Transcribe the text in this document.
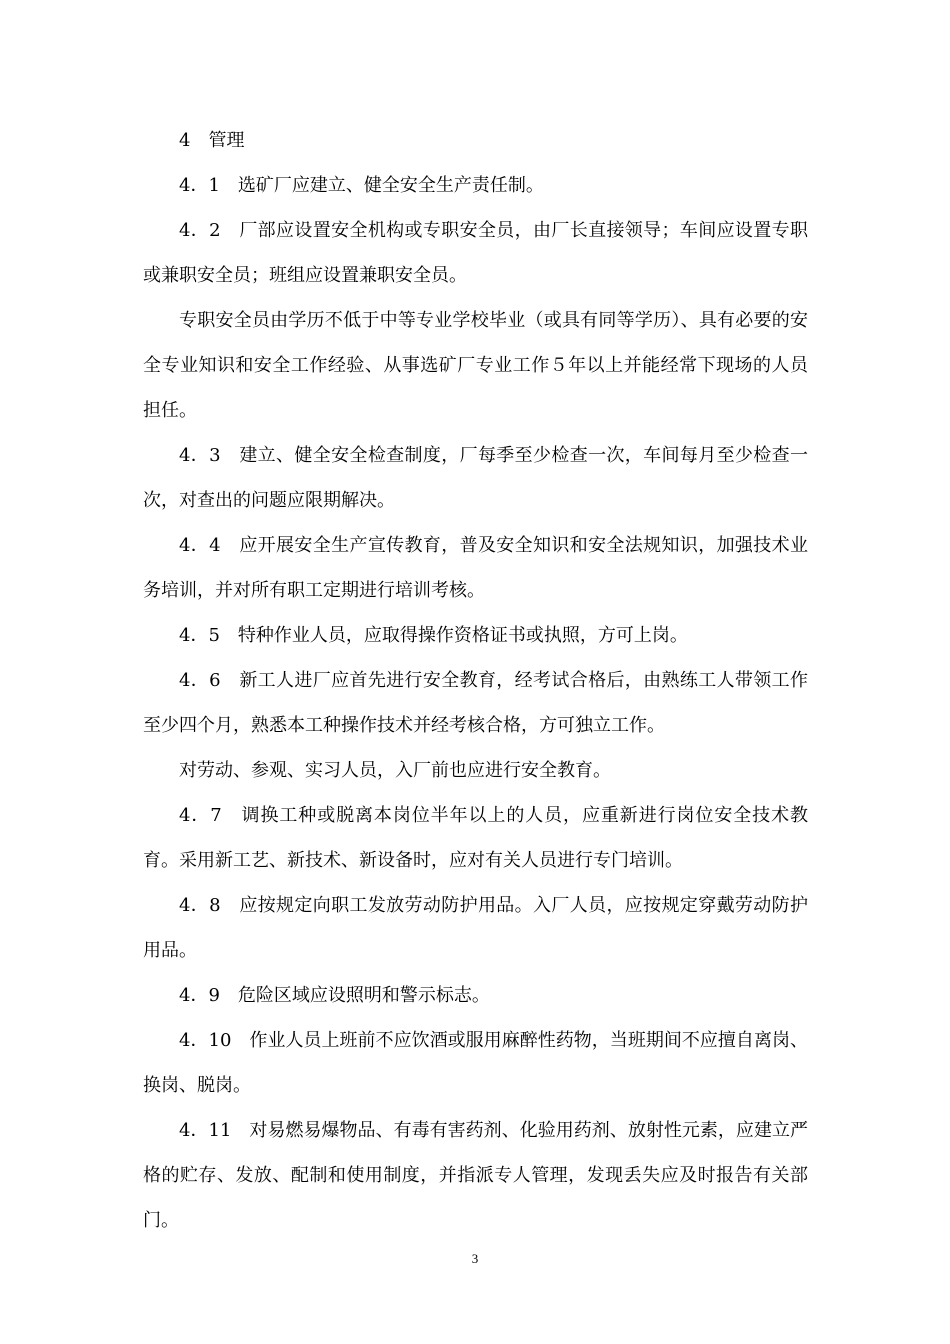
4　管理

4．1　选矿厂应建立、健全安全生产责任制。

4．2　厂部应设置安全机构或专职安全员，由厂长直接领导；车间应设置专职或兼职安全员；班组应设置兼职安全员。

专职安全员由学历不低于中等专业学校毕业（或具有同等学历）、具有必要的安全专业知识和安全工作经验、从事选矿厂专业工作５年以上并能经常下现场的人员担任。

4．3　建立、健全安全检查制度，厂每季至少检查一次，车间每月至少检查一次，对查出的问题应限期解决。

4．4　应开展安全生产宣传教育，普及安全知识和安全法规知识，加强技术业务培训，并对所有职工定期进行培训考核。

4．5　特种作业人员，应取得操作资格证书或执照，方可上岗。

4．6　新工人进厂应首先进行安全教育，经考试合格后，由熟练工人带领工作至少四个月，熟悉本工种操作技术并经考核合格，方可独立工作。

对劳动、参观、实习人员，入厂前也应进行安全教育。

4．7　调换工种或脱离本岗位半年以上的人员，应重新进行岗位安全技术教育。采用新工艺、新技术、新设备时，应对有关人员进行专门培训。

4．8　应按规定向职工发放劳动防护用品。入厂人员，应按规定穿戴劳动防护用品。

4．9　危险区域应设照明和警示标志。

4．10　作业人员上班前不应饮酒或服用麻醉性药物，当班期间不应擅自离岗、换岗、脱岗。

4．11　对易燃易爆物品、有毒有害药剂、化验用药剂、放射性元素，应建立严格的贮存、发放、配制和使用制度，并指派专人管理，发现丢失应及时报告有关部门。

3
